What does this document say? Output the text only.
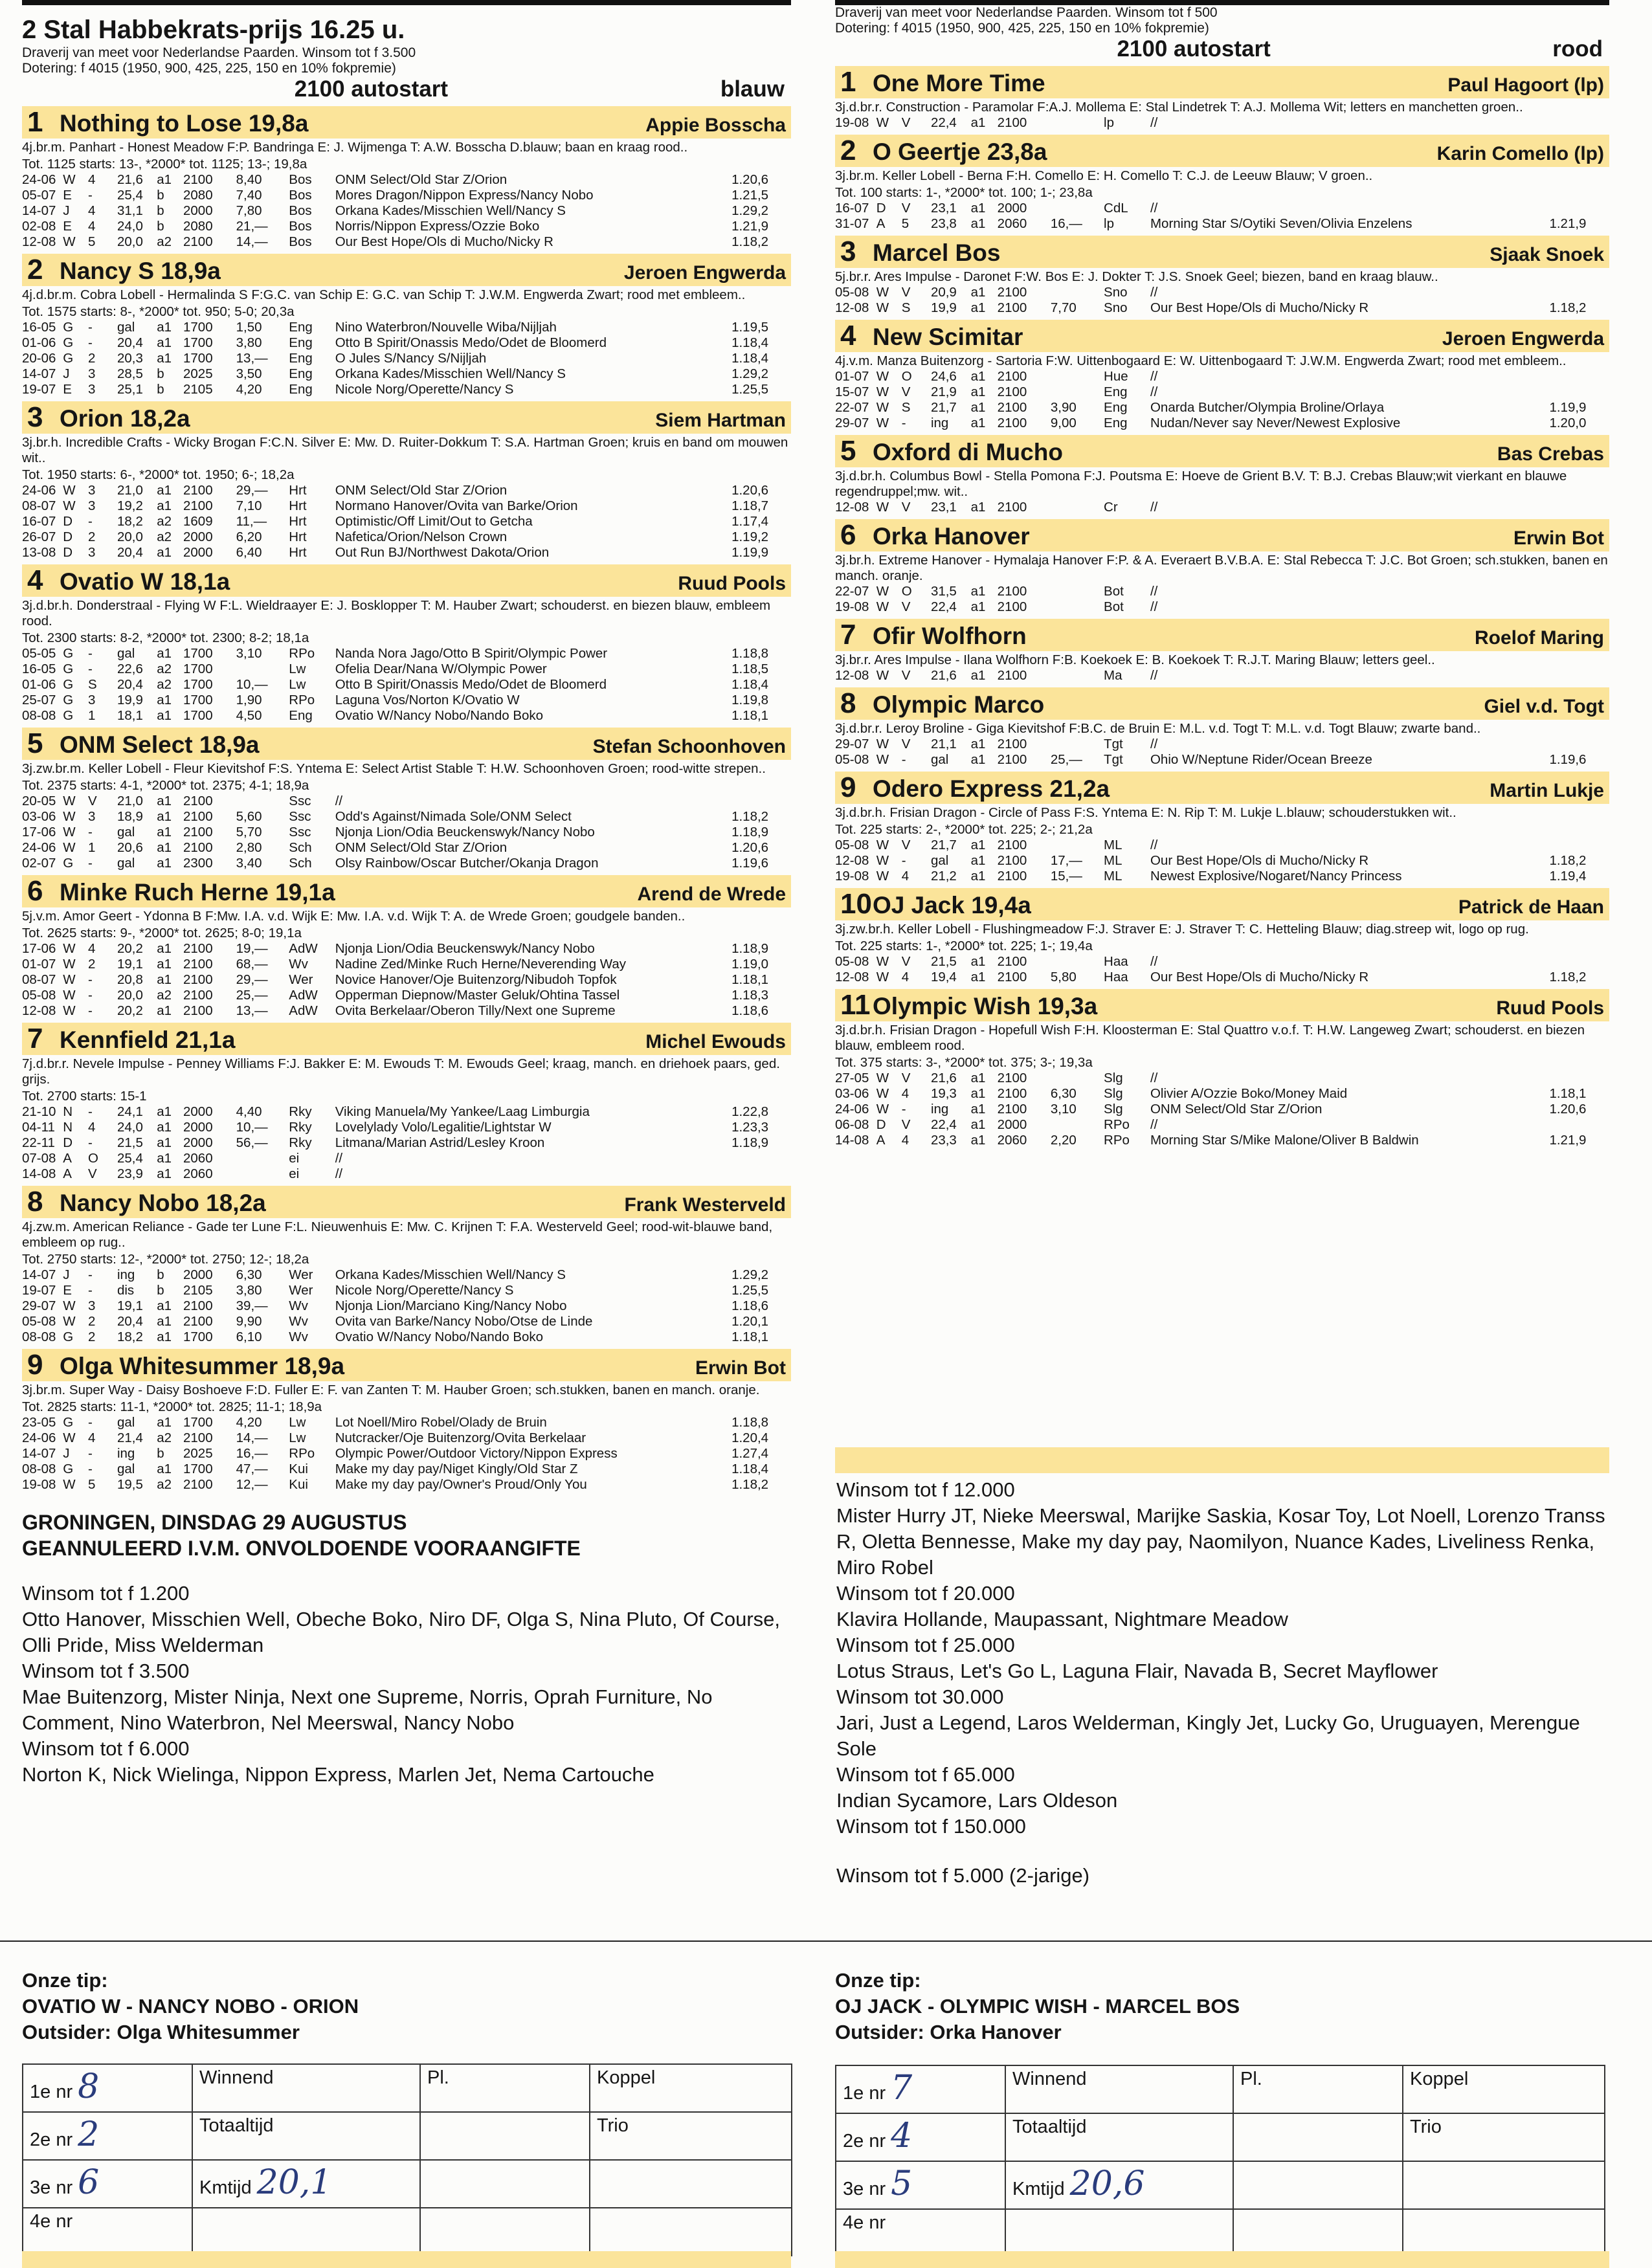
2 Stal Habbekrats-prijs 16.25 u.

Draverij van meet voor Nederlandse Paarden. Winsom tot f 3.500

Dotering: f 4015 (1950, 900, 425, 225, 150 en 10% fokpremie)

2100 autostart	blauw
1 Nothing to Lose 19,8a	Appie Bosscha

4j.br.m. Panhart - Honest Meadow F:P. Bandringa E: J. Wijmenga T: A.W. Bosscha D.blauw; baan en kraag rood..

Tot. 1125 starts: 13-, *2000* tot. 1125; 13-; 19,8a

24-06	W	4	21,6	a1	2100	8,40	Bos	ONM Select/Old Star Z/Orion	1.20,6
05-07	E	-	25,4	b	2080	7,40	Bos	Mores Dragon/Nippon Express/Nancy Nobo	1.21,5
14-07	J	4	31,1	b	2000	7,80	Bos	Orkana Kades/Misschien Well/Nancy S	1.29,2
02-08	E	4	24,0	b	2080	21,—	Bos	Norris/Nippon Express/Ozzie Boko	1.21,9
12-08	W	5	20,0	a2	2100	14,—	Bos	Our Best Hope/Ols di Mucho/Nicky R	1.18,2
2 Nancy S 18,9a	Jeroen Engwerda

4j.d.br.m. Cobra Lobell - Hermalinda S F:G.C. van Schip E: G.C. van Schip T: J.W.M. Engwerda Zwart; rood met embleem..

Tot. 1575 starts: 8-, *2000* tot. 950; 5-0; 20,3a

16-05	G	-	gal	a1	1700	1,50	Eng	Nino Waterbron/Nouvelle Wiba/Nijljah	1.19,5
01-06	G	-	20,4	a1	1700	3,80	Eng	Otto B Spirit/Onassis Medo/Odet de Bloomerd	1.18,4
20-06	G	2	20,3	a1	1700	13,—	Eng	O Jules S/Nancy S/Nijljah	1.18,4
14-07	J	3	28,5	b	2025	3,50	Eng	Orkana Kades/Misschien Well/Nancy S	1.29,2
19-07	E	3	25,1	b	2105	4,20	Eng	Nicole Norg/Operette/Nancy S	1.25,5
3 Orion 18,2a	Siem Hartman

3j.br.h. Incredible Crafts - Wicky Brogan F:C.N. Silver E: Mw. D. Ruiter-Dokkum T: S.A. Hartman Groen; kruis en band om mouwen wit..

Tot. 1950 starts: 6-, *2000* tot. 1950; 6-; 18,2a

24-06	W	3	21,0	a1	2100	29,—	Hrt	ONM Select/Old Star Z/Orion	1.20,6
08-07	W	3	19,2	a1	2100	7,10	Hrt	Normano Hanover/Ovita van Barke/Orion	1.18,7
16-07	D	-	18,2	a2	1609	11,—	Hrt	Optimistic/Off Limit/Out to Getcha	1.17,4
26-07	D	2	20,0	a2	2000	6,20	Hrt	Nafetica/Orion/Nelson Crown	1.19,2
13-08	D	3	20,4	a1	2000	6,40	Hrt	Out Run BJ/Northwest Dakota/Orion	1.19,9
4 Ovatio W 18,1a	Ruud Pools

3j.d.br.h. Donderstraal - Flying W F:L. Wieldraayer E: J. Bosklopper T: M. Hauber Zwart; schouderst. en biezen blauw, embleem rood.

Tot. 2300 starts: 8-2, *2000* tot. 2300; 8-2; 18,1a

05-05	G	-	gal	a1	1700	3,10	RPo	Nanda Nora Jago/Otto B Spirit/Olympic Power	1.18,8
16-05	G	-	22,6	a2	1700		Lw	Ofelia Dear/Nana W/Olympic Power	1.18,5
01-06	G	S	20,4	a2	1700	10,—	Lw	Otto B Spirit/Onassis Medo/Odet de Bloomerd	1.18,4
25-07	G	3	19,9	a1	1700	1,90	RPo	Laguna Vos/Norton K/Ovatio W	1.19,8
08-08	G	1	18,1	a1	1700	4,50	Eng	Ovatio W/Nancy Nobo/Nando Boko	1.18,1
5 ONM Select 18,9a	Stefan Schoonhoven

3j.zw.br.m. Keller Lobell - Fleur Kievitshof F:S. Yntema E: Select Artist Stable T: H.W. Schoonhoven Groen; rood-witte strepen..

Tot. 2375 starts: 4-1, *2000* tot. 2375; 4-1; 18,9a

20-05	W	V	21,0	a1	2100		Ssc	//	
03-06	W	3	18,9	a1	2100	5,60	Ssc	Odd's Against/Nimada Sole/ONM Select	1.18,2
17-06	W	-	gal	a1	2100	5,70	Ssc	Njonja Lion/Odia Beuckenswyk/Nancy Nobo	1.18,9
24-06	W	1	20,6	a1	2100	2,80	Sch	ONM Select/Old Star Z/Orion	1.20,6
02-07	G	-	gal	a1	2300	3,40	Sch	Olsy Rainbow/Oscar Butcher/Okanja Dragon	1.19,6
6 Minke Ruch Herne 19,1a	Arend de Wrede

5j.v.m. Amor Geert - Ydonna B F:Mw. I.A. v.d. Wijk E: Mw. I.A. v.d. Wijk T: A. de Wrede Groen; goudgele banden..

Tot. 2625 starts: 9-, *2000* tot. 2625; 8-0; 19,1a

17-06	W	4	20,2	a1	2100	19,—	AdW	Njonja Lion/Odia Beuckenswyk/Nancy Nobo	1.18,9
01-07	W	2	19,1	a1	2100	68,—	Wv	Nadine Zed/Minke Ruch Herne/Neverending Way	1.19,0
08-07	W	-	20,8	a1	2100	29,—	Wer	Novice Hanover/Oje Buitenzorg/Nibudoh Topfok	1.18,1
05-08	W	-	20,0	a2	2100	25,—	AdW	Opperman Diepnow/Master Geluk/Ohtina Tassel	1.18,3
12-08	W	-	20,2	a1	2100	13,—	AdW	Ovita Berkelaar/Oberon Tilly/Next one Supreme	1.18,6
7 Kennfield 21,1a	Michel Ewouds

7j.d.br.r. Nevele Impulse - Penney Williams F:J. Bakker E: M. Ewouds T: M. Ewouds Geel; kraag, manch. en driehoek paars, ged. grijs.

Tot. 2700 starts: 15-1

21-10	N	-	24,1	a1	2000	4,40	Rky	Viking Manuela/My Yankee/Laag Limburgia	1.22,8
04-11	N	4	24,0	a1	2000	10,—	Rky	Lovelylady Volo/Legalitie/Lightstar W	1.23,3
22-11	D	-	21,5	a1	2000	56,—	Rky	Litmana/Marian Astrid/Lesley Kroon	1.18,9
07-08	A	O	25,4	a1	2060		ei	//	
14-08	A	V	23,9	a1	2060		ei	//	
8 Nancy Nobo 18,2a	Frank Westerveld

4j.zw.m. American Reliance - Gade ter Lune F:L. Nieuwenhuis E: Mw. C. Krijnen T: F.A. Westerveld Geel; rood-wit-blauwe band, embleem op rug..

Tot. 2750 starts: 12-, *2000* tot. 2750; 12-; 18,2a

14-07	J	-	ing	b	2000	6,30	Wer	Orkana Kades/Misschien Well/Nancy S	1.29,2
19-07	E	-	dis	b	2105	3,80	Wer	Nicole Norg/Operette/Nancy S	1.25,5
29-07	W	3	19,1	a1	2100	39,—	Wv	Njonja Lion/Marciano King/Nancy Nobo	1.18,6
05-08	W	2	20,4	a1	2100	9,90	Wv	Ovita van Barke/Nancy Nobo/Otse de Linde	1.20,1
08-08	G	2	18,2	a1	1700	6,10	Wv	Ovatio W/Nancy Nobo/Nando Boko	1.18,1
9 Olga Whitesummer 18,9a	Erwin Bot

3j.br.m. Super Way - Daisy Boshoeve F:D. Fuller E: F. van Zanten T: M. Hauber Groen; sch.stukken, banen en manch. oranje.

Tot. 2825 starts: 11-1, *2000* tot. 2825; 11-1; 18,9a

23-05	G	-	gal	a1	1700	4,20	Lw	Lot Noell/Miro Robel/Olady de Bruin	1.18,8
24-06	W	4	21,4	a2	2100	14,—	Lw	Nutcracker/Oje Buitenzorg/Ovita Berkelaar	1.20,4
14-07	J	-	ing	b	2025	16,—	RPo	Olympic Power/Outdoor Victory/Nippon Express	1.27,4
08-08	G	-	gal	a1	1700	47,—	Kui	Make my day pay/Niget Kingly/Old Star Z	1.18,4
19-08	W	5	19,5	a2	2100	12,—	Kui	Make my day pay/Owner's Proud/Only You	1.18,2
GRONINGEN, DINSDAG 29 AUGUSTUS
GEANNULEERD I.V.M. ONVOLDOENDE VOORAANGIFTE

Winsom tot f 1.200

Otto Hanover, Misschien Well, Obeche Boko, Niro DF, Olga S, Nina Pluto, Of Course, Olli Pride, Miss Welderman

Winsom tot f 3.500

Mae Buitenzorg, Mister Ninja, Next one Supreme, Norris, Oprah Furniture, No Comment, Nino Waterbron, Nel Meerswal, Nancy Nobo

Winsom tot f 6.000

Norton K, Nick Wielinga, Nippon Express, Marlen Jet, Nema Cartouche

Draverij van meet voor Nederlandse Paarden. Winsom tot f 500

Dotering: f 4015 (1950, 900, 425, 225, 150 en 10% fokpremie)

2100 autostart	rood
1 One More Time	Paul Hagoort (lp)

3j.d.br.r. Construction - Paramolar F:A.J. Mollema E: Stal Lindetrek T: A.J. Mollema Wit; letters en manchetten groen..

19-08	W	V	22,4	a1	2100		lp	//	
2 O Geertje 23,8a	Karin Comello (lp)

3j.br.m. Keller Lobell - Berna F:H. Comello E: H. Comello T: C.J. de Leeuw Blauw; V groen..

Tot. 100 starts: 1-, *2000* tot. 100; 1-; 23,8a

16-07	D	V	23,1	a1	2000		CdL	//	
31-07	A	5	23,8	a1	2060	16,—	lp	Morning Star S/Oytiki Seven/Olivia Enzelens	1.21,9
3 Marcel Bos	Sjaak Snoek

5j.br.r. Ares Impulse - Daronet F:W. Bos E: J. Dokter T: J.S. Snoek Geel; biezen, band en kraag blauw..

05-08	W	V	20,9	a1	2100		Sno	//	
12-08	W	S	19,9	a1	2100	7,70	Sno	Our Best Hope/Ols di Mucho/Nicky R	1.18,2
4 New Scimitar	Jeroen Engwerda

4j.v.m. Manza Buitenzorg - Sartoria F:W. Uittenbogaard E: W. Uittenbogaard T: J.W.M. Engwerda Zwart; rood met embleem..

01-07	W	O	24,6	a1	2100		Hue	//	
15-07	W	V	21,9	a1	2100		Eng	//	
22-07	W	S	21,7	a1	2100	3,90	Eng	Onarda Butcher/Olympia Broline/Orlaya	1.19,9
29-07	W	-	ing	a1	2100	9,00	Eng	Nudan/Never say Never/Newest Explosive	1.20,0
5 Oxford di Mucho	Bas Crebas

3j.d.br.h. Columbus Bowl - Stella Pomona F:J. Poutsma E: Hoeve de Grient B.V. T: B.J. Crebas Blauw;wit vierkant en blauwe regendruppel;mw. wit..

12-08	W	V	23,1	a1	2100		Cr	//	
6 Orka Hanover	Erwin Bot

3j.br.h. Extreme Hanover - Hymalaja Hanover F:P. & A. Everaert B.V.B.A. E: Stal Rebecca T: J.C. Bot Groen; sch.stukken, banen en manch. oranje.

22-07	W	O	31,5	a1	2100		Bot	//	
19-08	W	V	22,4	a1	2100		Bot	//	
7 Ofir Wolfhorn	Roelof Maring

3j.br.r. Ares Impulse - Ilana Wolfhorn F:B. Koekoek E: B. Koekoek T: R.J.T. Maring Blauw; letters geel..

12-08	W	V	21,6	a1	2100		Ma	//	
8 Olympic Marco	Giel v.d. Togt

3j.d.br.r. Leroy Broline - Giga Kievitshof F:B.C. de Bruin E: M.L. v.d. Togt T: M.L. v.d. Togt Blauw; zwarte band..

29-07	W	V	21,1	a1	2100		Tgt	//	
05-08	W	-	gal	a1	2100	25,—	Tgt	Ohio W/Neptune Rider/Ocean Breeze	1.19,6
9 Odero Express 21,2a	Martin Lukje

3j.d.br.h. Frisian Dragon - Circle of Pass F:S. Yntema E: N. Rip T: M. Lukje L.blauw; schouderstukken wit..

Tot. 225 starts: 2-, *2000* tot. 225; 2-; 21,2a

05-08	W	V	21,7	a1	2100		ML	//	
12-08	W	-	gal	a1	2100	17,—	ML	Our Best Hope/Ols di Mucho/Nicky R	1.18,2
19-08	W	4	21,2	a1	2100	15,—	ML	Newest Explosive/Nogaret/Nancy Princess	1.19,4
10 OJ Jack 19,4a	Patrick de Haan

3j.zw.br.h. Keller Lobell - Flushingmeadow F:J. Straver E: J. Straver T: C. Hetteling Blauw; diag.streep wit, logo op rug.

Tot. 225 starts: 1-, *2000* tot. 225; 1-; 19,4a

05-08	W	V	21,5	a1	2100		Haa	//	
12-08	W	4	19,4	a1	2100	5,80	Haa	Our Best Hope/Ols di Mucho/Nicky R	1.18,2
11 Olympic Wish 19,3a	Ruud Pools

3j.d.br.h. Frisian Dragon - Hopefull Wish F:H. Kloosterman E: Stal Quattro v.o.f. T: H.W. Langeweg Zwart; schouderst. en biezen blauw, embleem rood.

Tot. 375 starts: 3-, *2000* tot. 375; 3-; 19,3a

27-05	W	V	21,6	a1	2100		Slg	//	
03-06	W	4	19,3	a1	2100	6,30	Slg	Olivier A/Ozzie Boko/Money Maid	1.18,1
24-06	W	-	ing	a1	2100	3,10	Slg	ONM Select/Old Star Z/Orion	1.20,6
06-08	D	V	22,4	a1	2000		RPo	//	
14-08	A	4	23,3	a1	2060	2,20	RPo	Morning Star S/Mike Malone/Oliver B Baldwin	1.21,9

Winsom tot f 12.000

Mister Hurry JT, Nieke Meerswal, Marijke Saskia, Kosar Toy, Lot Noell, Lorenzo Transs R, Oletta Bennesse, Make my day pay, Naomilyon, Nuance Kades, Liveliness Renka, Miro Robel

Winsom tot f 20.000

Klavira Hollande, Maupassant, Nightmare Meadow

Winsom tot f 25.000

Lotus Straus, Let's Go L, Laguna Flair, Navada B, Secret Mayflower

Winsom tot 30.000

Jari, Just a Legend, Laros Welderman, Kingly Jet, Lucky Go, Uruguayen, Merengue Sole

Winsom tot f 65.000

Indian Sycamore, Lars Oldeson

Winsom tot f 150.000

Winsom tot f 5.000 (2-jarige)

Onze tip:

OVATIO W - NANCY NOBO - ORION

Outsider: Olga Whitesummer

1e nr 8	Winnend	Pl.	Koppel
2e nr 2	Totaaltijd		Trio
3e nr 6	Kmtijd 20,1		
4e nr			

Onze tip:

OJ JACK - OLYMPIC WISH - MARCEL BOS

Outsider: Orka Hanover

1e nr 7	Winnend	Pl.	Koppel
2e nr 4	Totaaltijd		Trio
3e nr 5	Kmtijd 20,6		
4e nr			
